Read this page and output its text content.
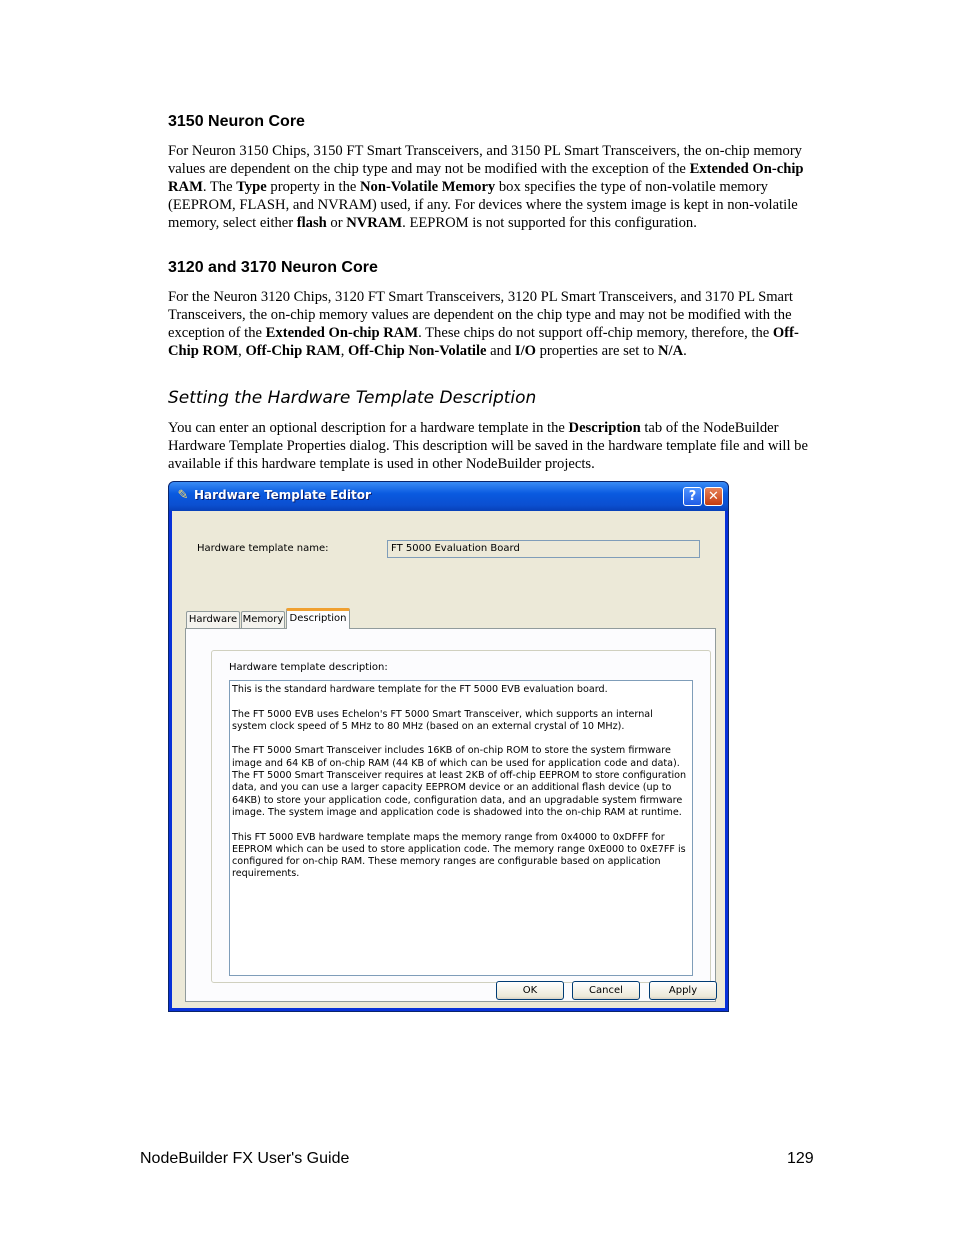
3150 Neuron Core

For Neuron 3150 Chips, 3150 FT Smart Transceivers, and 3150 PL Smart Transceivers, the on-chip memory values are dependent on the chip type and may not be modified with the exception of the Extended On-chip RAM. The Type property in the Non-Volatile Memory box specifies the type of non-volatile memory (EEPROM, FLASH, and NVRAM) used, if any. For devices where the system image is kept in non-volatile memory, select either flash or NVRAM. EEPROM is not supported for this configuration.

3120 and 3170 Neuron Core

For the Neuron 3120 Chips, 3120 FT Smart Transceivers, 3120 PL Smart Transceivers, and 3170 PL Smart Transceivers, the on-chip memory values are dependent on the chip type and may not be modified with the exception of the Extended On-chip RAM. These chips do not support off-chip memory, therefore, the Off-Chip ROM, Off-Chip RAM, Off-Chip Non-Volatile and I/O properties are set to N/A.

Setting the Hardware Template Description

You can enter an optional description for a hardware template in the Description tab of the NodeBuilder Hardware Template Properties dialog. This description will be saved in the hardware template file and will be available if this hardware template is used in other NodeBuilder projects.

✎ Hardware Template Editor	? ✕
Hardware template name:	FT 5000 Evaluation Board
Hardware Memory Description
Hardware template description:

This is the standard hardware template for the FT 5000 EVB evaluation board.

The FT 5000 EVB uses Echelon's FT 5000 Smart Transceiver, which supports an internal system clock speed of 5 MHz to 80 MHz (based on an external crystal of 10 MHz).

The FT 5000 Smart Transceiver includes 16KB of on-chip ROM to store the system firmware image and 64 KB of on-chip RAM (44 KB of which can be used for application code and data). The FT 5000 Smart Transceiver requires at least 2KB of off-chip EEPROM to store configuration data, and you can use a larger capacity EEPROM device or an additional flash device (up to 64KB) to store your application code, configuration data, and an upgradable system firmware image. The system image and application code is shadowed into the on-chip RAM at runtime.

This FT 5000 EVB hardware template maps the memory range from 0x4000 to 0xDFFF for EEPROM which can be used to store application code. The memory range 0xE000 to 0xE7FF is configured for on-chip RAM. These memory ranges are configurable based on application requirements.

OK	Cancel	Apply
NodeBuilder FX User's Guide	129
